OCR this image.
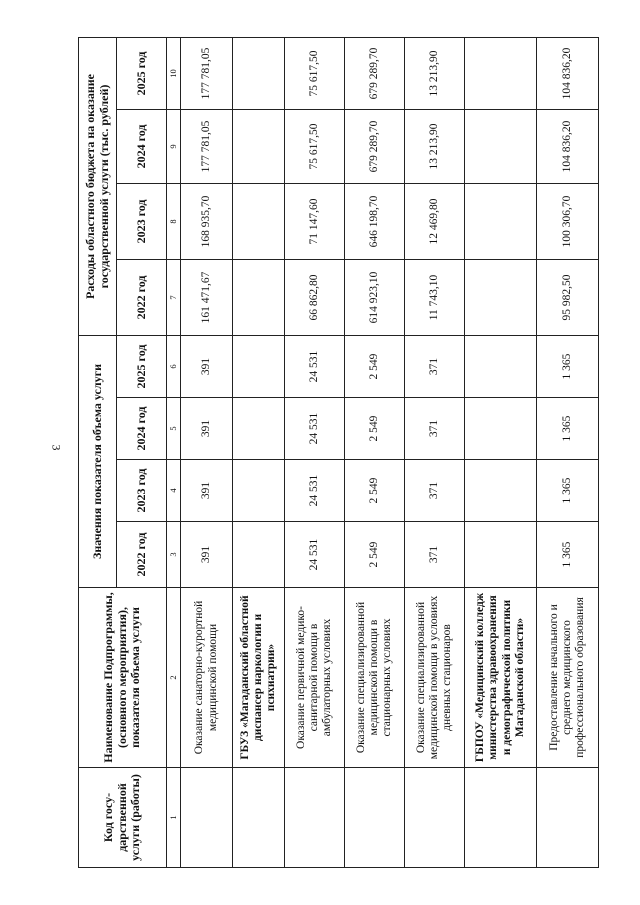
3
Код госу-дарственной услуги (работы)	Наименование Подпрограммы, (основного мероприятия), показателя объема услуги	Значения показателя объема услуги				Расходы областного бюджета на оказание государственной услуги (тыс. рублей)			
		2022 год	2023 год	2024 год	2025 год	2022 год	2023 год	2024 год	2025 год
1	2	3	4	5	6	7	8	9	10
	Оказание санаторно-курортной медицинской помощи	391	391	391	391	161 471,67	168 935,70	177 781,05	177 781,05
	ГБУЗ «Магаданский областной диспансер наркологии и психиатрии»								
	Оказание первичной медико-санитарной помощи в амбулаторных условиях	24 531	24 531	24 531	24 531	66 862,80	71 147,60	75 617,50	75 617,50
	Оказание специализированной медицинской помощи в стационарных условиях	2 549	2 549	2 549	2 549	614 923,10	646 198,70	679 289,70	679 289,70
	Оказание специализированной медицинской помощи в условиях дневных стационаров	371	371	371	371	11 743,10	12 469,80	13 213,90	13 213,90
	ГБПОУ «Медицинский колледж министерства здравоохранения и демографической политики Магаданской области»								
	Предоставление начального и среднего медицинского профессионального образования	1 365	1 365	1 365	1 365	95 982,50	100 306,70	104 836,20	104 836,20
